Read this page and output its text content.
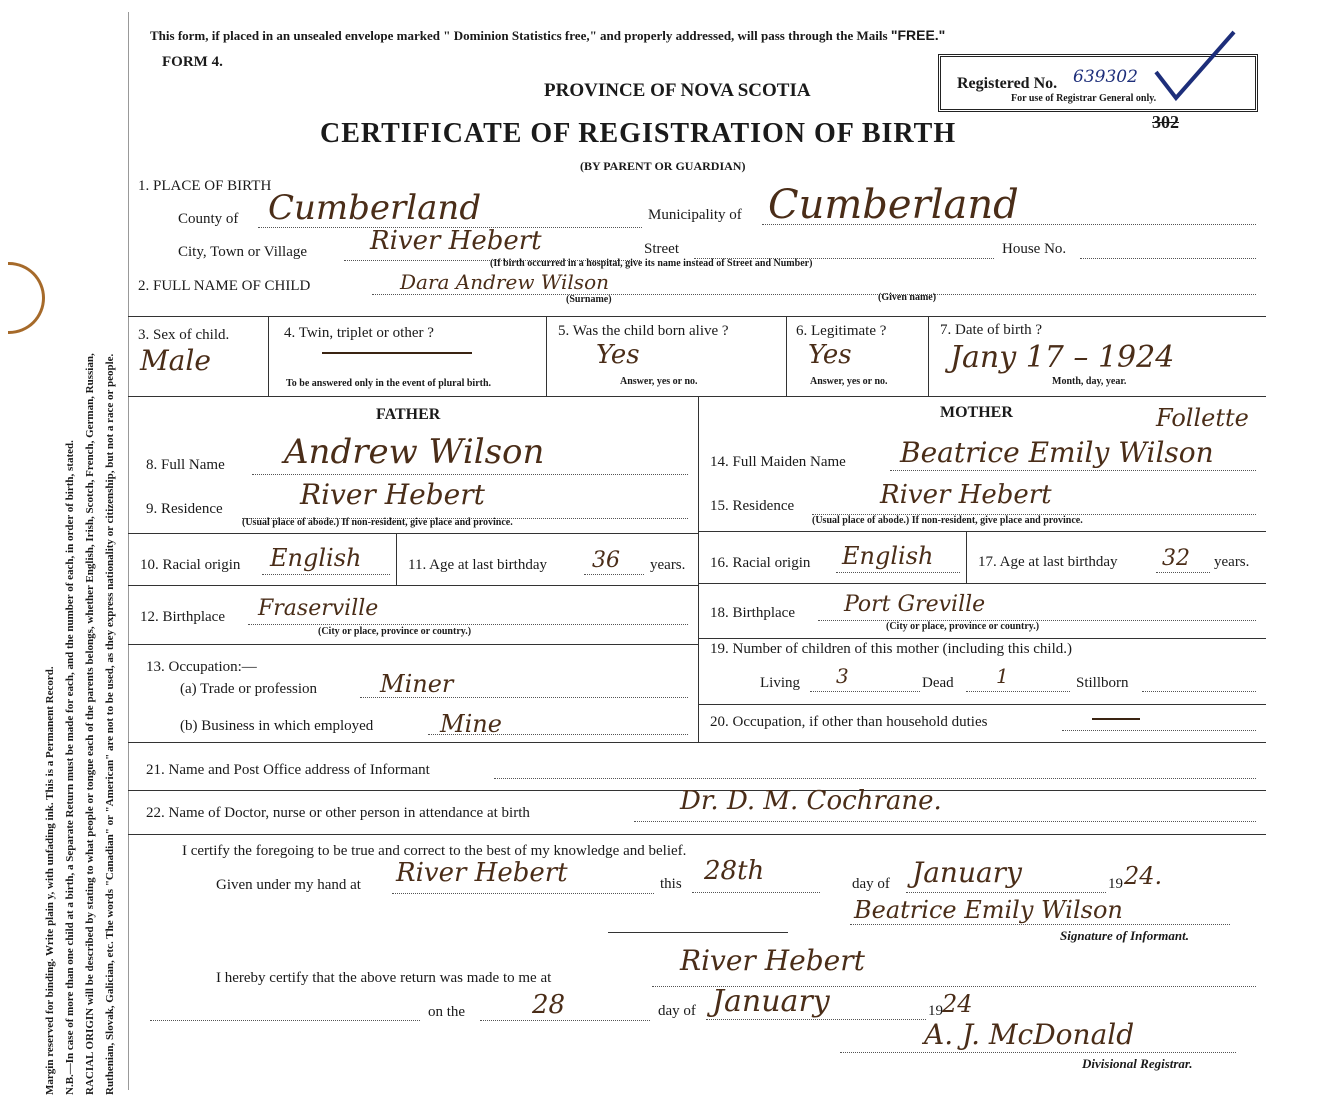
Margin reserved for binding. Write plain y, with unfading ink. This is a Permanent Record. N.B.—In case of more than one child at a birth, a Separate Return must be made for each, and the number of each, in order of birth, stated. RACIAL ORIGIN will be described by stating to what people or tongue each of the parents belongs, whether English, Irish, Scotch, French, German, Russian, Ruthenian, Slovak, Galician, etc. The words "Canadian" or "American" are not to be used, as they express nationality or citizenship, but not a race or people.
This form, if placed in an unsealed envelope marked " Dominion Statistics free," and properly addressed, will pass through the Mails "FREE."
FORM 4.
PROVINCE OF NOVA SCOTIA
CERTIFICATE OF REGISTRATION OF BIRTH
(BY PARENT OR GUARDIAN)
Registered No. 639302
For use of Registrar General only.
302
1. PLACE OF BIRTH
County of Cumberland	Municipality of Cumberland
City, Town or Village River Hebert	Street	House No.
(If birth occurred in a hospital, give its name instead of Street and Number)
2. FULL NAME OF CHILD	Dara Andrew Wilson
(Surname)	(Given name)
3. Sex of child.
Male
4. Twin, triplet or other ?
To be answered only in the event of plural birth.
5. Was the child born alive ?
Yes
Answer, yes or no.
6. Legitimate ?
Yes
Answer, yes or no.
7. Date of birth ?
Jany 17 – 1924
Month, day, year.
FATHER	MOTHER
8. Full Name Andrew Wilson
9. Residence	River Hebert
(Usual place of abode.) If non-resident, give place and province.
10. Racial origin English	11. Age at last birthday 36 years.
12. Birthplace Fraserville
(City or place, province or country.)
13. Occupation:—
(a) Trade or profession	Miner
(b) Business in which employed	Mine
Follette
14. Full Maiden Name Beatrice Emily Wilson
15. Residence	River Hebert
(Usual place of abode.) If non-resident, give place and province.
16. Racial origin English	17. Age at last birthday 32 years.
18. Birthplace Port Greville
(City or place, province or country.)
19. Number of children of this mother (including this child.)
Living 3	Dead 1	Stillborn
20. Occupation, if other than household duties
21. Name and Post Office address of Informant
22. Name of Doctor, nurse or other person in attendance at birth	Dr. D. M. Cochrane.
I certify the foregoing to be true and correct to the best of my knowledge and belief.
Given under my hand at River Hebert	this 28th	day of January	19 24.
Beatrice Emily Wilson
Signature of Informant.
I hereby certify that the above return was made to me at
River Hebert
on the	28	day of January	19 24
A. J. McDonald
Divisional Registrar.
